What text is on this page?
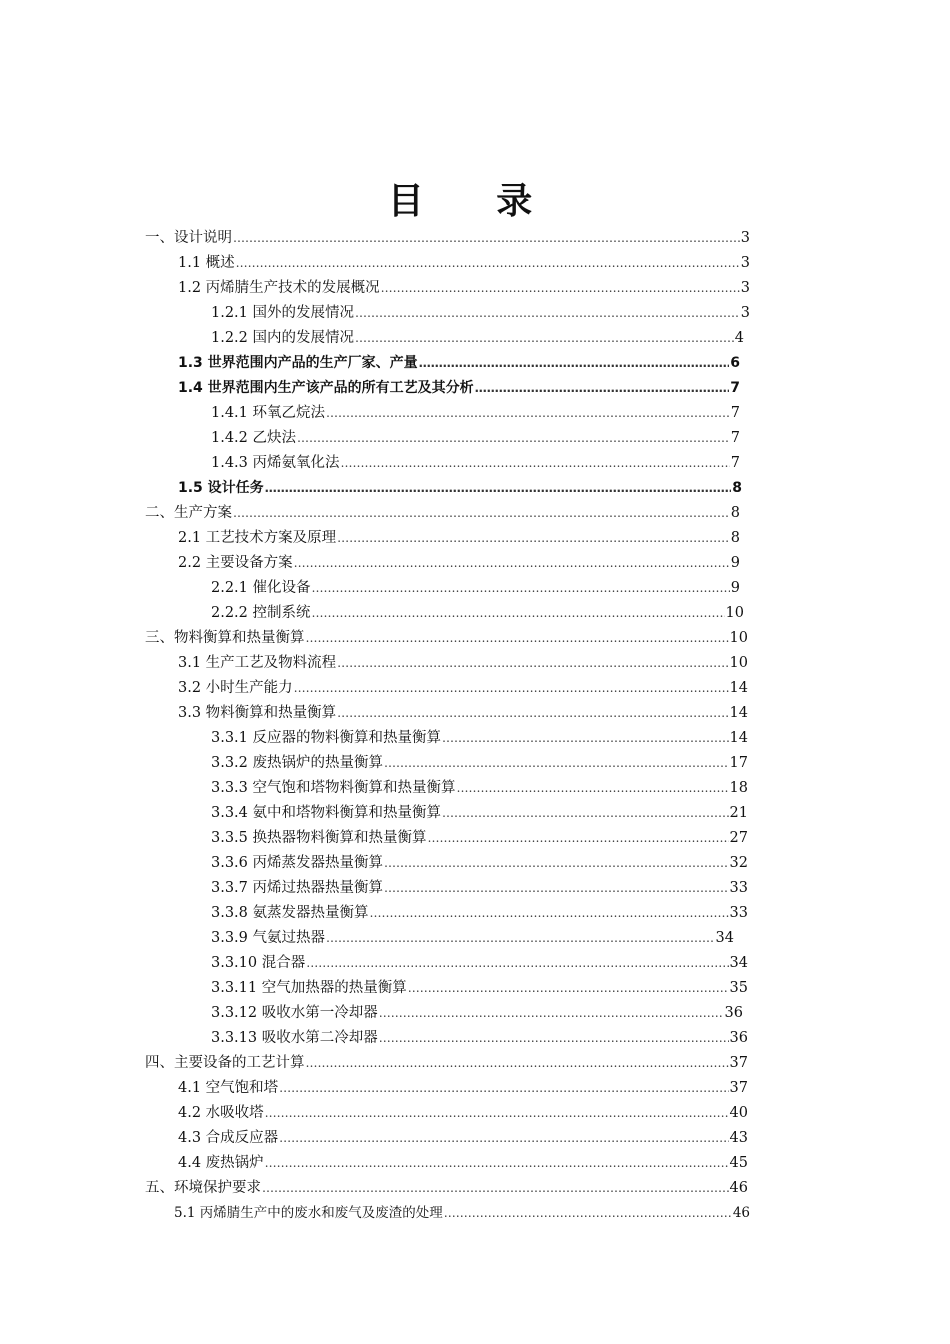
目 录
一、设计说明 ……………………………………………………………………………………………………………………………………………………………………………………………………………………………………………………………………………………	3
1.1 概述 ……………………………………………………………………………………………………………………………………………………………………………………………………………………………………………………………………………………	3
1.2 丙烯腈生产技术的发展概况 ……………………………………………………………………………………………………………………………………………………………………………………………………………………………………………………………………………………	3
1.2.1 国外的发展情况 ……………………………………………………………………………………………………………………………………………………………………………………………………………………………………………………………………………………	3
1.2.2 国内的发展情况 ……………………………………………………………………………………………………………………………………………………………………………………………………………………………………………………………………………………	4
1.3 世界范围内产品的生产厂家、产量 ……………………………………………………………………………………………………………………………………………………………………………………………………………………………………………………………………………………	6
1.4 世界范围内生产该产品的所有工艺及其分析 ……………………………………………………………………………………………………………………………………………………………………………………………………………………………………………………………………………………	7
1.4.1 环氧乙烷法 ……………………………………………………………………………………………………………………………………………………………………………………………………………………………………………………………………………………	7
1.4.2 乙炔法 ……………………………………………………………………………………………………………………………………………………………………………………………………………………………………………………………………………………	7
1.4.3 丙烯氨氧化法 ……………………………………………………………………………………………………………………………………………………………………………………………………………………………………………………………………………………	7
1.5 设计任务 ……………………………………………………………………………………………………………………………………………………………………………………………………………………………………………………………………………………	8
二、生产方案 ……………………………………………………………………………………………………………………………………………………………………………………………………………………………………………………………………………………	8
2.1 工艺技术方案及原理 ……………………………………………………………………………………………………………………………………………………………………………………………………………………………………………………………………………………	8
2.2 主要设备方案 ……………………………………………………………………………………………………………………………………………………………………………………………………………………………………………………………………………………	9
2.2.1 催化设备 ……………………………………………………………………………………………………………………………………………………………………………………………………………………………………………………………………………………	9
2.2.2 控制系统 ……………………………………………………………………………………………………………………………………………………………………………………………………………………………………………………………………………………	10
三、物料衡算和热量衡算 ……………………………………………………………………………………………………………………………………………………………………………………………………………………………………………………………………………………	10
3.1 生产工艺及物料流程 ……………………………………………………………………………………………………………………………………………………………………………………………………………………………………………………………………………………	10
3.2 小时生产能力 ……………………………………………………………………………………………………………………………………………………………………………………………………………………………………………………………………………………	14
3.3 物料衡算和热量衡算 ……………………………………………………………………………………………………………………………………………………………………………………………………………………………………………………………………………………	14
3.3.1 反应器的物料衡算和热量衡算 ……………………………………………………………………………………………………………………………………………………………………………………………………………………………………………………………………………………	14
3.3.2 废热锅炉的热量衡算 ……………………………………………………………………………………………………………………………………………………………………………………………………………………………………………………………………………………	17
3.3.3 空气饱和塔物料衡算和热量衡算 ……………………………………………………………………………………………………………………………………………………………………………………………………………………………………………………………………………………	18
3.3.4 氨中和塔物料衡算和热量衡算 ……………………………………………………………………………………………………………………………………………………………………………………………………………………………………………………………………………………	21
3.3.5 换热器物料衡算和热量衡算 ……………………………………………………………………………………………………………………………………………………………………………………………………………………………………………………………………………………	27
3.3.6 丙烯蒸发器热量衡算 ……………………………………………………………………………………………………………………………………………………………………………………………………………………………………………………………………………………	32
3.3.7 丙烯过热器热量衡算 ……………………………………………………………………………………………………………………………………………………………………………………………………………………………………………………………………………………	33
3.3.8 氨蒸发器热量衡算 ……………………………………………………………………………………………………………………………………………………………………………………………………………………………………………………………………………………	33
3.3.9 气氨过热器 ……………………………………………………………………………………………………………………………………………………………………………………………………………………………………………………………………………………	34
3.3.10 混合器 ……………………………………………………………………………………………………………………………………………………………………………………………………………………………………………………………………………………	34
3.3.11 空气加热器的热量衡算 ……………………………………………………………………………………………………………………………………………………………………………………………………………………………………………………………………………………	35
3.3.12 吸收水第一冷却器 ……………………………………………………………………………………………………………………………………………………………………………………………………………………………………………………………………………………	36
3.3.13 吸收水第二冷却器 ……………………………………………………………………………………………………………………………………………………………………………………………………………………………………………………………………………………	36
四、主要设备的工艺计算 ……………………………………………………………………………………………………………………………………………………………………………………………………………………………………………………………………………………	37
4.1 空气饱和塔 ……………………………………………………………………………………………………………………………………………………………………………………………………………………………………………………………………………………	37
4.2 水吸收塔 ……………………………………………………………………………………………………………………………………………………………………………………………………………………………………………………………………………………	40
4.3 合成反应器 ……………………………………………………………………………………………………………………………………………………………………………………………………………………………………………………………………………………	43
4.4 废热锅炉 ……………………………………………………………………………………………………………………………………………………………………………………………………………………………………………………………………………………	45
五、环境保护要求 ……………………………………………………………………………………………………………………………………………………………………………………………………………………………………………………………………………………	46
5.1 丙烯腈生产中的废水和废气及废渣的处理 ……………………………………………………………………………………………………………………………………………………………………………………………………………………………………………………………………………………	46
